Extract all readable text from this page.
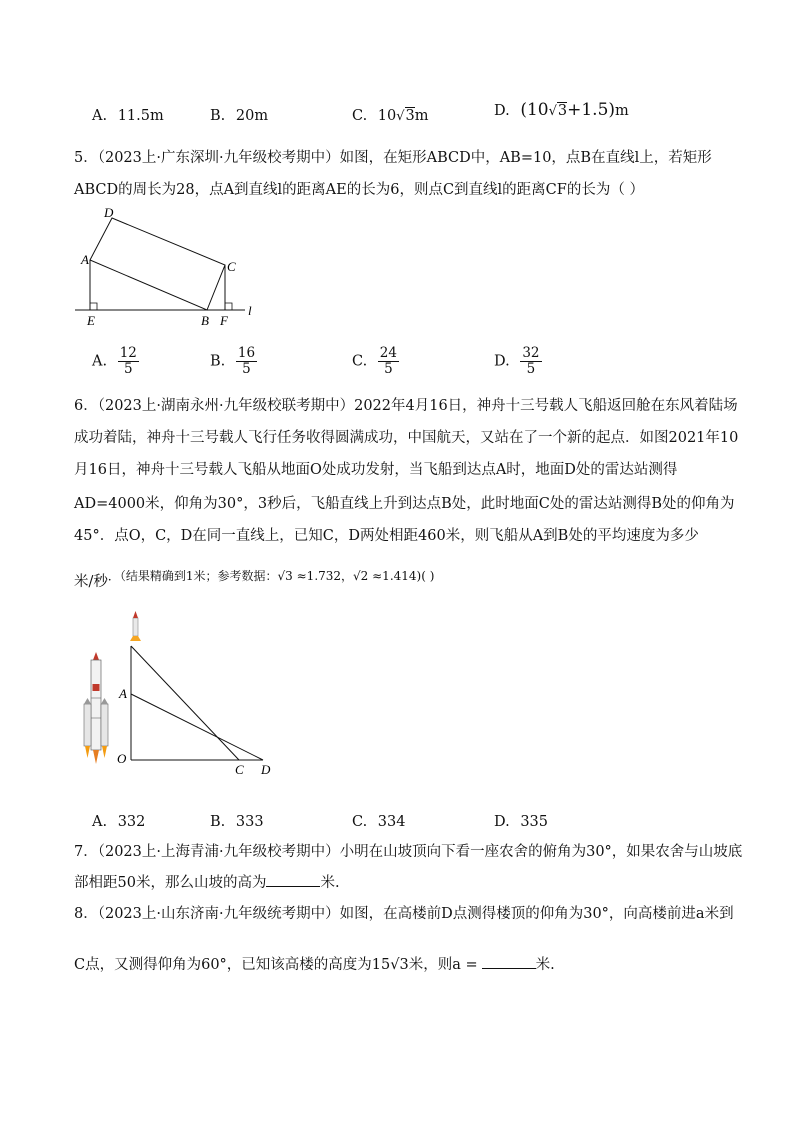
A. 11.5m	B. 20m	C. 10√3m	D. (10√3+1.5)m
5．（2023上·广东深圳·九年级校考期中）如图，在矩形ABCD中，AB=10，点B在直线l上，若矩形
ABCD的周长为28，点A到直线l的距离AE的长为6，则点C到直线l的距离CF的长为（ ）
D
A	C
E	B F
l
A. $\frac{12}{5}$	B. $\frac{16}{5}$	C. $\frac{24}{5}$	D. $\frac{32}{5}$
6．（2023上·湖南永州·九年级校联考期中）2022年4月16日，神舟十三号载人飞船返回舱在东风着陆场
成功着陆，神舟十三号载人飞行任务收得圆满成功，中国航天，又站在了一个新的起点．如图2021年10
月16日，神舟十三号载人飞船从地面O处成功发射，当飞船到达点A时，地面D处的雷达站测得
AD=4000米，仰角为30°，3秒后，飞船直线上升到达点B处，此时地面C处的雷达站测得B处的仰角为
45°．点O，C，D在同一直线上，已知C，D两处相距460米，则飞船从A到B处的平均速度为多少
米/秒$^{.(结果精确到1米;参考数据:√3 \approx 1.732,√2 \approx 1.414)( )}$
A
O
C D
A. 332	B. 333	C. 334	D. 335
7．（2023上·上海青浦·九年级校考期中）小明在山坡顶向下看一座农舍的俯角为30°，如果农舍与山坡底
部相距50米，那么山坡的高为	米.
8．（2023上·山东济南·九年级统考期中）如图，在高楼前D点测得楼顶的仰角为30°，向高楼前进a米到
C点，又测得仰角为60°，已知该高楼的高度为15√3米，则a =	米.
